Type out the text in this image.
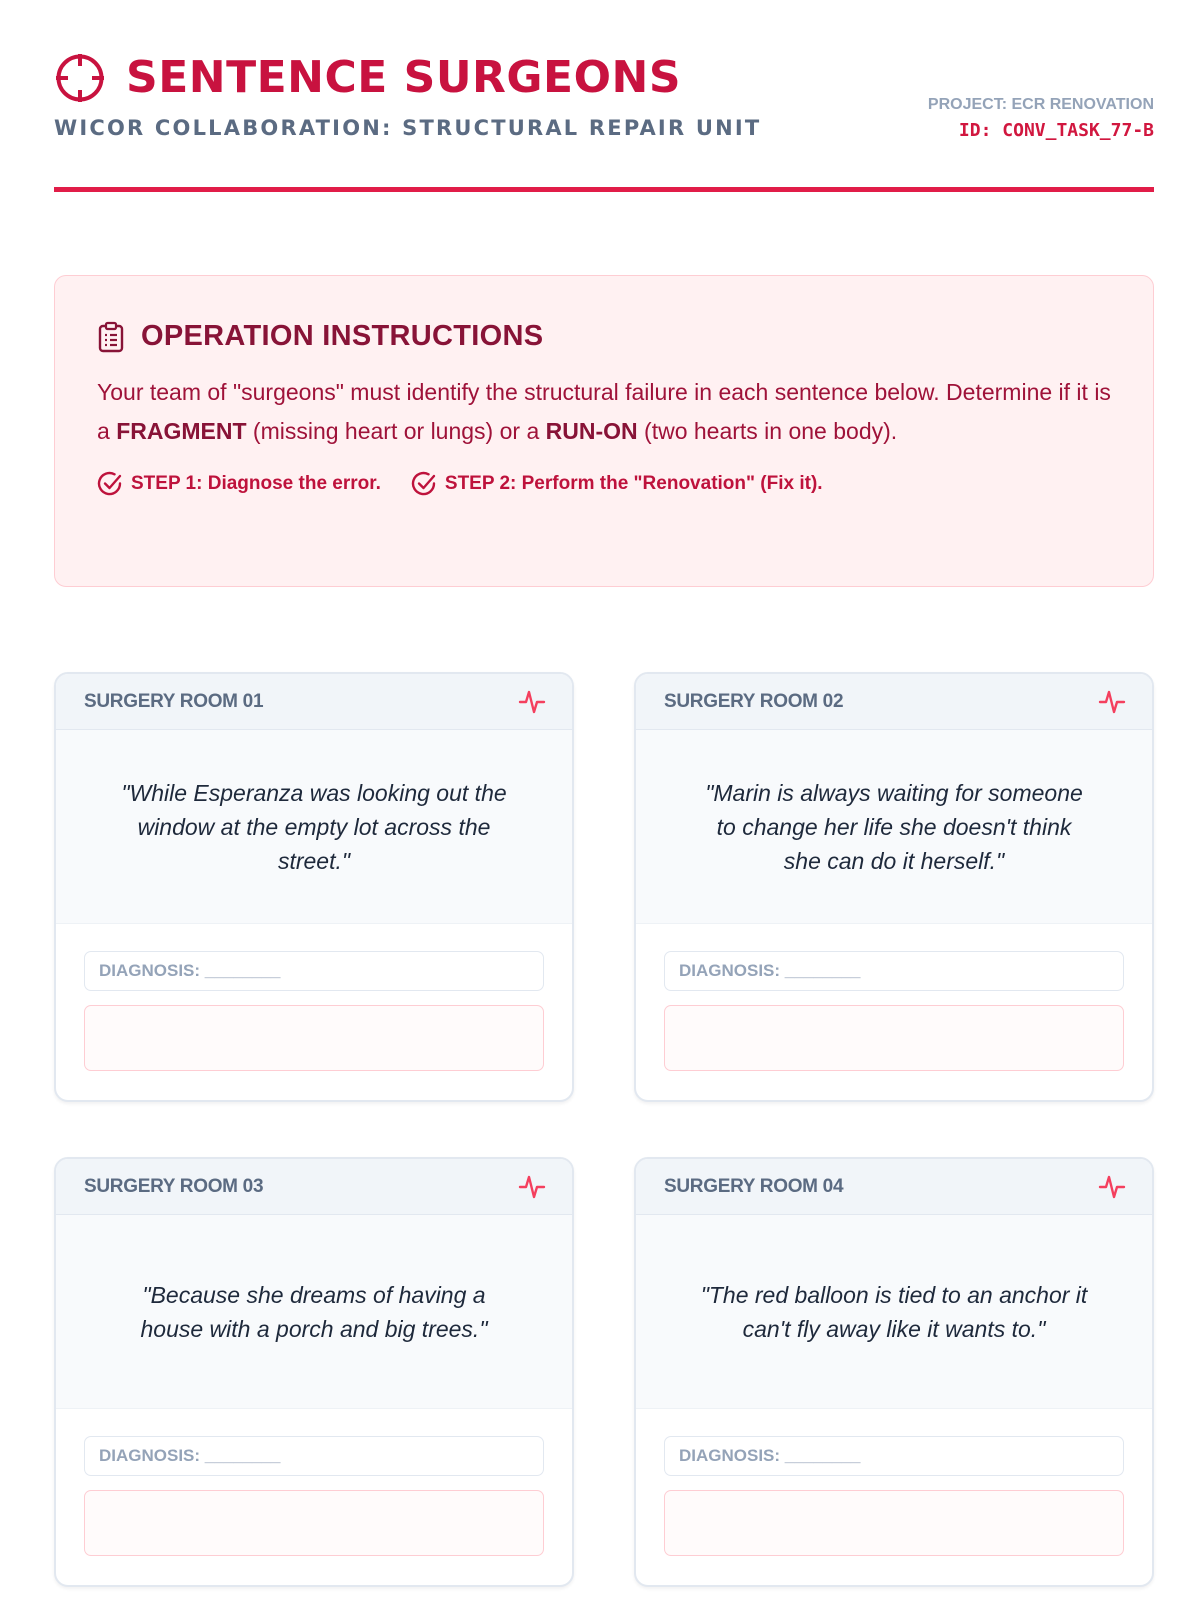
SENTENCE SURGEONS
WICOR COLLABORATION: STRUCTURAL REPAIR UNIT
PROJECT: ECR RENOVATION
ID: CONV_TASK_77-B
OPERATION INSTRUCTIONS
Your team of "surgeons" must identify the structural failure in each sentence below. Determine if it is a FRAGMENT (missing heart or lungs) or a RUN-ON (two hearts in one body).
STEP 1: Diagnose the error.	STEP 2: Perform the "Renovation" (Fix it).
SURGERY ROOM 01
"While Esperanza was looking out the window at the empty lot across the street."
DIAGNOSIS: ________
SURGERY ROOM 02
"Marin is always waiting for someone to change her life she doesn't think she can do it herself."
DIAGNOSIS: ________
SURGERY ROOM 03
"Because she dreams of having a house with a porch and big trees."
DIAGNOSIS: ________
SURGERY ROOM 04
"The red balloon is tied to an anchor it can't fly away like it wants to."
DIAGNOSIS: ________
